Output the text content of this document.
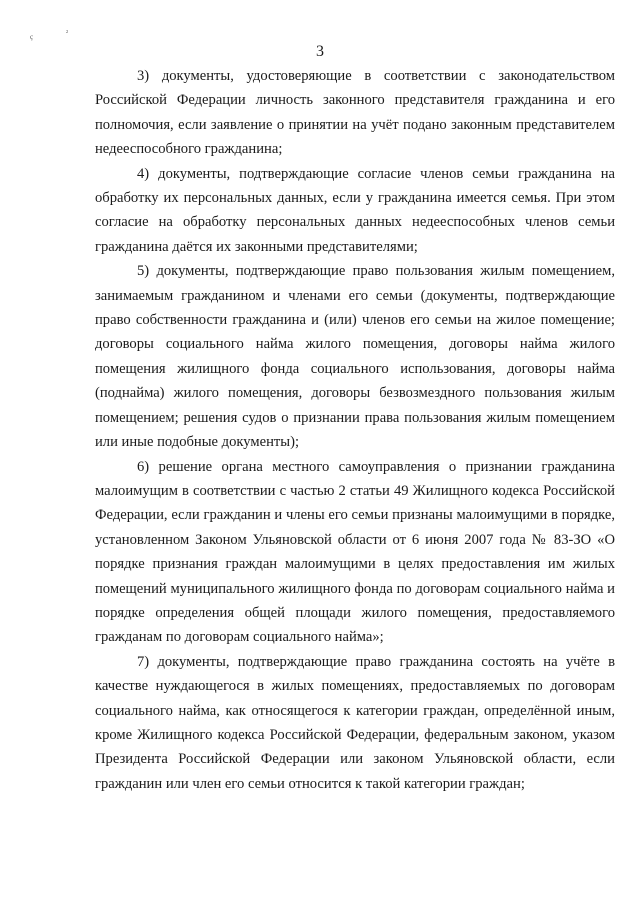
ç	²
3

3) документы, удостоверяющие в соответствии с законодательством Российской Федерации личность законного представителя гражданина и его полномочия, если заявление о принятии на учёт подано законным представителем недееспособного гражданина;

4) документы, подтверждающие согласие членов семьи гражданина на обработку их персональных данных, если у гражданина имеется семья. При этом согласие на обработку персональных данных недееспособных членов семьи гражданина даётся их законными представителями;

5) документы, подтверждающие право пользования жилым помещением, занимаемым гражданином и членами его семьи (документы, подтверждающие право собственности гражданина и (или) членов его семьи на жилое помещение; договоры социального найма жилого помещения, договоры найма жилого помещения жилищного фонда социального использования, договоры найма (поднайма) жилого помещения, договоры безвозмездного пользования жилым помещением; решения судов о признании права пользования жилым помещением или иные подобные документы);

6) решение органа местного самоуправления о признании гражданина малоимущим в соответствии с частью 2 статьи 49 Жилищного кодекса Российской Федерации, если гражданин и члены его семьи признаны малоимущими в порядке, установленном Законом Ульяновской области от 6 июня 2007 года № 83-ЗО «О порядке признания граждан малоимущими в целях предоставления им жилых помещений муниципального жилищного фонда по договорам социального найма и порядке определения общей площади жилого помещения, предоставляемого гражданам по договорам социального найма»;

7) документы, подтверждающие право гражданина состоять на учёте в качестве нуждающегося в жилых помещениях, предоставляемых по договорам социального найма, как относящегося к категории граждан, определённой иным, кроме Жилищного кодекса Российской Федерации, федеральным законом, указом Президента Российской Федерации или законом Ульяновской области, если гражданин или член его семьи относится к такой категории граждан;
